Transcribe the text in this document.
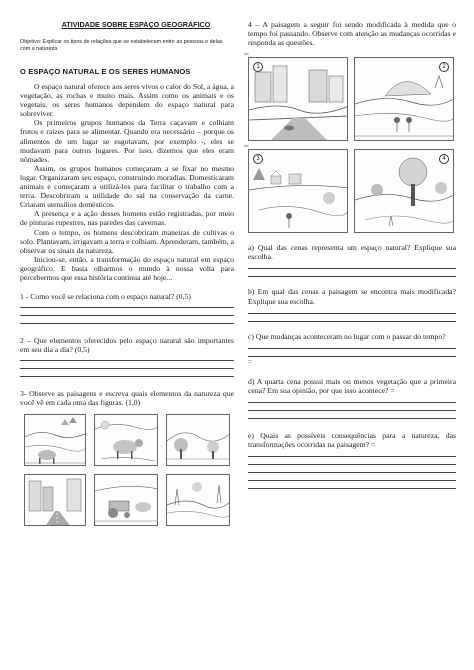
ATIVIDADE SOBRE ESPAÇO GEOGRÁFICO
Objetivo: Explicar os tipos de relações que se estabelecem entre as pessoas e delas com a natureza
O ESPAÇO NATURAL E OS SERES HUMANOS
O espaço natural oferece aos seres vivos o calor do Sol, a água, a vegetação, as rochas e muito mais. Assim como os animais e os vegetais, os seres humanos dependem do espaço natural para sobreviver.
Os primeiros grupos humanos da Terra caçavam e colhiam frutos e raízes para se alimentar. Quando era necessário – porque os alimentos de um lugar se esgotavam, por exemplo -, eles se mudavam para outros lugares. Por isso, dizemos que eles eram nômades.
Assim, os grupos humanos começaram a se fixar no mesmo lugar. Organizaram seu espaço, construindo moradias. Domesticaram animais e começaram a utilizá-los para facilitar o trabalho com a terra. Descobriram a utilidade do sal na conservação da carne. Criaram utensílios domésticos.
A presença e a ação desses homens estão registradas, por meio de pinturas rupestres, nas paredes das cavernas.
Com o tempo, os homens descobriram maneiras de cultivas o solo. Plantavam, irrigavam a terra e colhiam. Aprenderam, também, a observar os sinais da natureza.
Iniciou-se, então, a transformação do espaço natural em espaço geográfico. E basta olharmos o mundo à nossa volta para percebermos que essa história continua até hoje...
1 - Como você se relaciona com o espaço natural? (0,5)
2 – Que elementos oferecidos pelo espaço natural são importantes em seu dia a dia? (0,5)
3- Observe as paisagens e escreva quais elementos da natureza que você vê em cada uma das figuras. (1,0)
4 – A paisagem a seguir foi sendo modificada à medida que o tempo foi passando. Observe com atenção as mudanças ocorridas e responda as questões.
1	2
3	4
✂
✂
a) Qual das cenas representa um espaço natural? Explique sua escolha.
b) Em qual das cenas a paisagem se encontra mais modificada? Explique sua escolha.
c) Que mudanças aconteceram no lugar com o passar do tempo?
=
d) A quarta cena possui mais ou menos vegetação que a primeira cena? Em sua opinião, por que isso acontece? =
e) Quais as possíveis consequências para a natureza, das transformações ocorridas na paisagem? =
